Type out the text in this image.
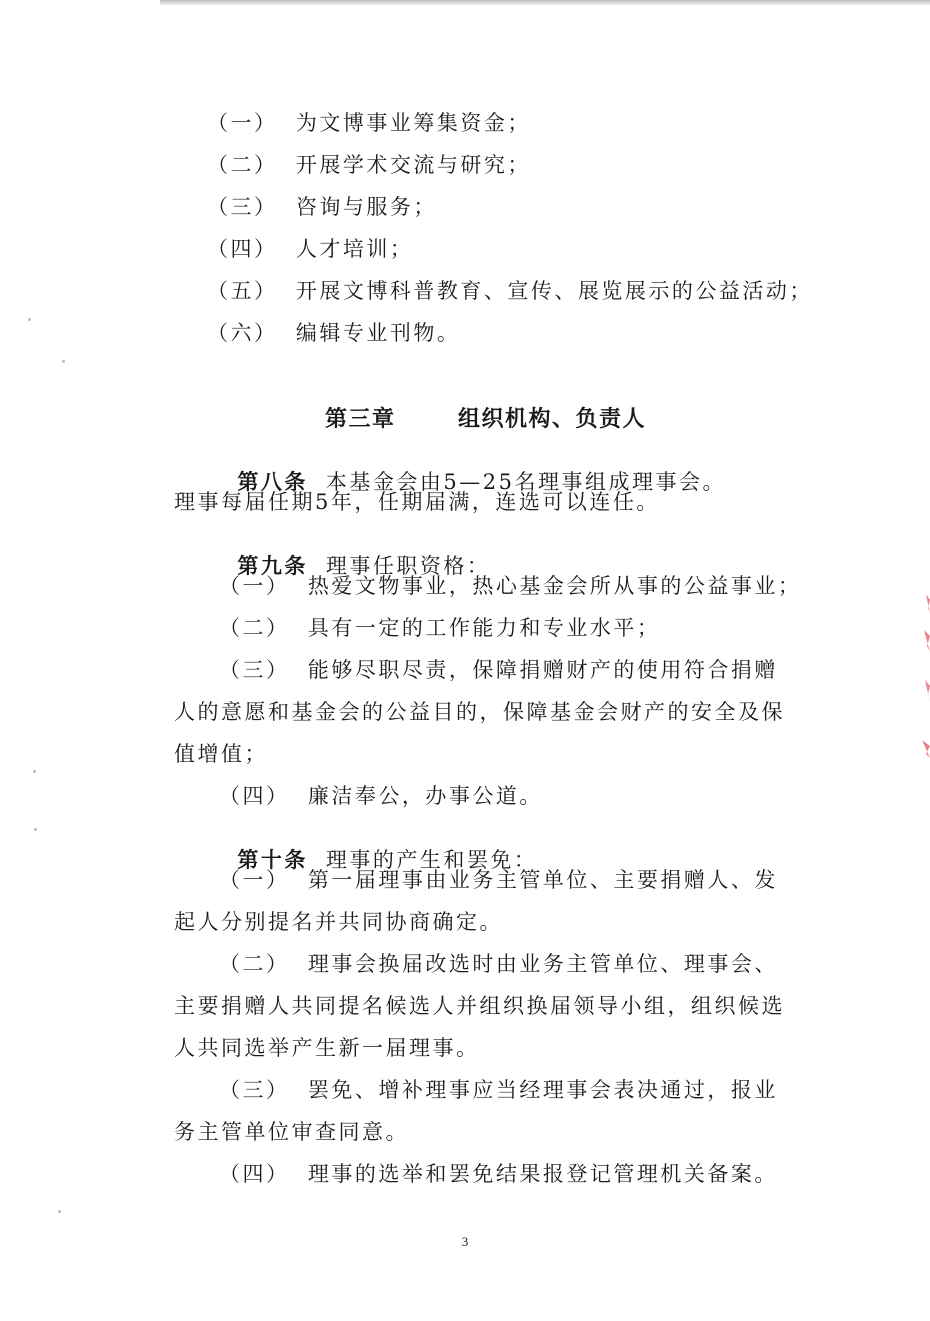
（一）  为文博事业筹集资金；
（二）  开展学术交流与研究；
（三）  咨询与服务；
（四）  人才培训；
（五）  开展文博科普教育、宣传、展览展示的公益活动；
（六）  编辑专业刊物。
第三章	组织机构、负责人

第八条 本基金会由5—25名理事组成理事会。

理事每届任期5年，任期届满，连选可以连任。

第九条 理事任职资格：

（一）  热爱文物事业，热心基金会所从事的公益事业；
（二）  具有一定的工作能力和专业水平；
（三）  能够尽职尽责，保障捐赠财产的使用符合捐赠
人的意愿和基金会的公益目的，保障基金会财产的安全及保
值增值；
（四）  廉洁奉公，办事公道。

第十条 理事的产生和罢免：

（一）  第一届理事由业务主管单位、主要捐赠人、发
起人分别提名并共同协商确定。
（二）  理事会换届改选时由业务主管单位、理事会、
主要捐赠人共同提名候选人并组织换届领导小组，组织候选
人共同选举产生新一届理事。
（三）  罢免、增补理事应当经理事会表决通过，报业
务主管单位审查同意。
（四）  理事的选举和罢免结果报登记管理机关备案。
3
